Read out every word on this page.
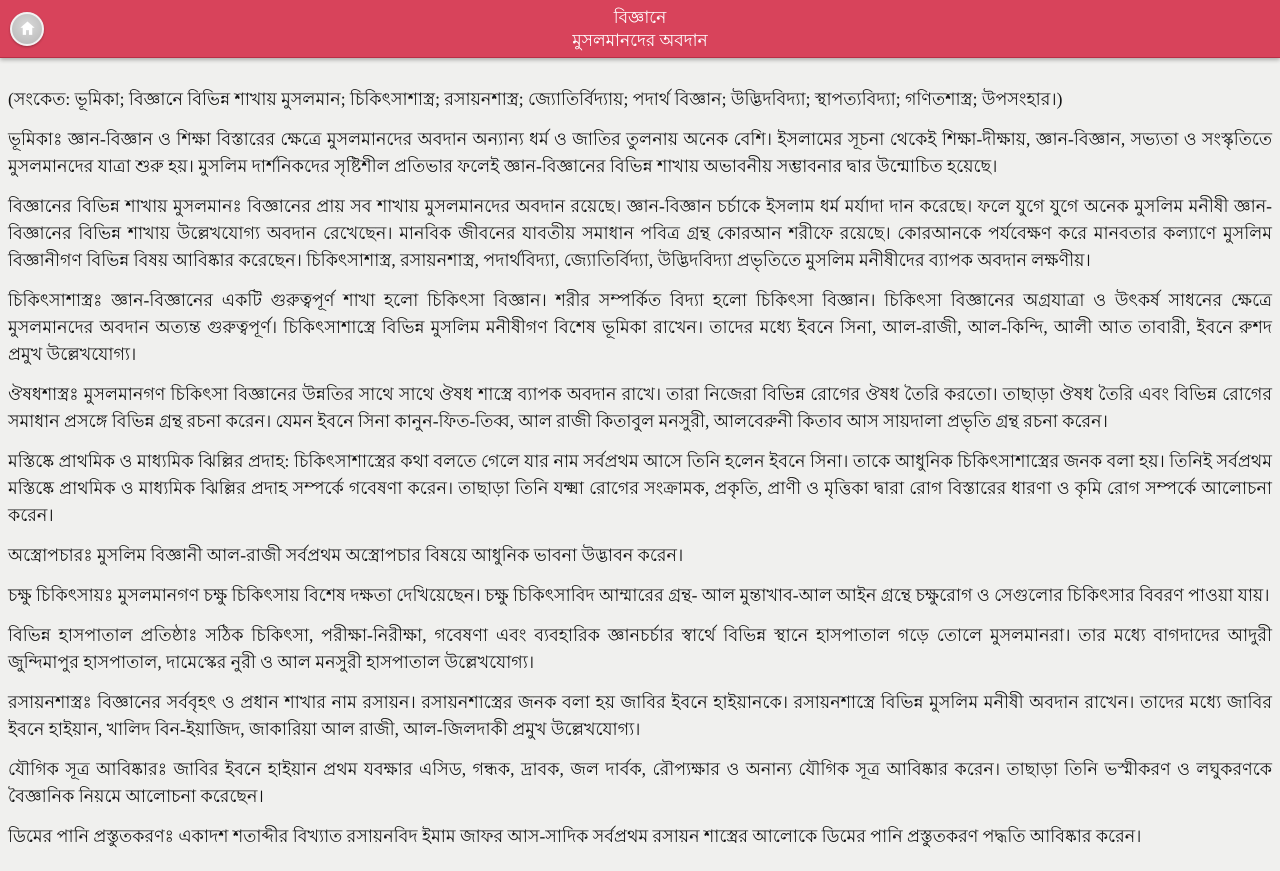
বিজ্ঞানে
মুসলমানদের অবদান

(সংকেত: ভূমিকা; বিজ্ঞানে বিভিন্ন শাখায় মুসলমান; চিকিৎসাশাস্ত্র; রসায়নশাস্ত্র; জ্যোতির্বিদ্যায়; পদার্থ বিজ্ঞান; উদ্ভিদবিদ্যা; স্থাপত্যবিদ্যা; গণিতশাস্ত্র; উপসংহার।)

ভূমিকাঃ জ্ঞান-বিজ্ঞান ও শিক্ষা বিস্তারের ক্ষেত্রে মুসলমানদের অবদান অন্যান্য ধর্ম ও জাতির তুলনায় অনেক বেশি। ইসলামের সূচনা থেকেই শিক্ষা-দীক্ষায়, জ্ঞান-বিজ্ঞান, সভ্যতা ও সংস্কৃতিতে মুসলমানদের যাত্রা শুরু হয়। মুসলিম দার্শনিকদের সৃষ্টিশীল প্রতিভার ফলেই জ্ঞান-বিজ্ঞানের বিভিন্ন শাখায় অভাবনীয় সম্ভাবনার দ্বার উন্মোচিত হয়েছে।

বিজ্ঞানের বিভিন্ন শাখায় মুসলমানঃ বিজ্ঞানের প্রায় সব শাখায় মুসলমানদের অবদান রয়েছে। জ্ঞান-বিজ্ঞান চর্চাকে ইসলাম ধর্ম মর্যাদা দান করেছে। ফলে যুগে যুগে অনেক মুসলিম মনীষী জ্ঞান-বিজ্ঞানের বিভিন্ন শাখায় উল্লেখযোগ্য অবদান রেখেছেন। মানবিক জীবনের যাবতীয় সমাধান পবিত্র গ্রন্থ কোরআন শরীফে রয়েছে। কোরআনকে পর্যবেক্ষণ করে মানবতার কল্যাণে মুসলিম বিজ্ঞানীগণ বিভিন্ন বিষয় আবিষ্কার করেছেন। চিকিৎসাশাস্ত্র, রসায়নশাস্ত্র, পদার্থবিদ্যা, জ্যোতির্বিদ্যা, উদ্ভিদবিদ্যা প্রভৃতিতে মুসলিম মনীষীদের ব্যাপক অবদান লক্ষণীয়।

চিকিৎসাশাস্ত্রঃ জ্ঞান-বিজ্ঞানের একটি গুরুত্বপূর্ণ শাখা হলো চিকিৎসা বিজ্ঞান। শরীর সম্পর্কিত বিদ্যা হলো চিকিৎসা বিজ্ঞান। চিকিৎসা বিজ্ঞানের অগ্রযাত্রা ও উৎকর্ষ সাধনের ক্ষেত্রে মুসলমানদের অবদান অত্যন্ত গুরুত্বপূর্ণ। চিকিৎসাশাস্ত্রে বিভিন্ন মুসলিম মনীষীগণ বিশেষ ভূমিকা রাখেন। তাদের মধ্যে ইবনে সিনা, আল-রাজী, আল-কিন্দি, আলী আত তাবারী, ইবনে রুশদ প্রমুখ উল্লেখযোগ্য।

ঔষধশাস্ত্রঃ মুসলমানগণ চিকিৎসা বিজ্ঞানের উন্নতির সাথে সাথে ঔষধ শাস্ত্রে ব্যাপক অবদান রাখে। তারা নিজেরা বিভিন্ন রোগের ঔষধ তৈরি করতো। তাছাড়া ঔষধ তৈরি এবং বিভিন্ন রোগের সমাধান প্রসঙ্গে বিভিন্ন গ্রন্থ রচনা করেন। যেমন ইবনে সিনা কানুন-ফিত-তিব্ব, আল রাজী কিতাবুল মনসুরী, আলবেরুনী কিতাব আস সায়দালা প্রভৃতি গ্রন্থ রচনা করেন।

মস্তিষ্কে প্রাথমিক ও মাধ্যমিক ঝিল্লির প্রদাহ: চিকিৎসাশাস্ত্রের কথা বলতে গেলে যার নাম সর্বপ্রথম আসে তিনি হলেন ইবনে সিনা। তাকে আধুনিক চিকিৎসাশাস্ত্রের জনক বলা হয়। তিনিই সর্বপ্রথম মস্তিষ্কে প্রাথমিক ও মাধ্যমিক ঝিল্লির প্রদাহ সম্পর্কে গবেষণা করেন। তাছাড়া তিনি যক্ষ্মা রোগের সংক্রামক, প্রকৃতি, প্রাণী ও মৃত্তিকা দ্বারা রোগ বিস্তারের ধারণা ও কৃমি রোগ সম্পর্কে আলোচনা করেন।

অস্ত্রোপচারঃ মুসলিম বিজ্ঞানী আল-রাজী সর্বপ্রথম অস্ত্রোপচার বিষয়ে আধুনিক ভাবনা উদ্ভাবন করেন।

চক্ষু চিকিৎসায়ঃ মুসলমানগণ চক্ষু চিকিৎসায় বিশেষ দক্ষতা দেখিয়েছেন। চক্ষু চিকিৎসাবিদ আম্মারের গ্রন্থ- আল মুন্তাখাব-আল আইন গ্রন্থে চক্ষুরোগ ও সেগুলোর চিকিৎসার বিবরণ পাওয়া যায়।

বিভিন্ন হাসপাতাল প্রতিষ্ঠাঃ সঠিক চিকিৎসা, পরীক্ষা-নিরীক্ষা, গবেষণা এবং ব্যবহারিক জ্ঞানচর্চার স্বার্থে বিভিন্ন স্থানে হাসপাতাল গড়ে তোলে মুসলমানরা। তার মধ্যে বাগদাদের আদুরী জুন্দিমাপুর হাসপাতাল, দামেস্কের নুরী ও আল মনসুরী হাসপাতাল উল্লেখযোগ্য।

রসায়নশাস্ত্রঃ বিজ্ঞানের সর্ববৃহৎ ও প্রধান শাখার নাম রসায়ন। রসায়নশাস্ত্রের জনক বলা হয় জাবির ইবনে হাইয়ানকে। রসায়নশাস্ত্রে বিভিন্ন মুসলিম মনীষী অবদান রাখেন। তাদের মধ্যে জাবির ইবনে হাইয়ান, খালিদ বিন-ইয়াজিদ, জাকারিয়া আল রাজী, আল-জিলদাকী প্রমুখ উল্লেখযোগ্য।

যৌগিক সূত্র আবিষ্কারঃ জাবির ইবনে হাইয়ান প্রথম যবক্ষার এসিড, গন্ধক, দ্রাবক, জল দার্বক, রৌপ্যক্ষার ও অনান্য যৌগিক সূত্র আবিষ্কার করেন। তাছাড়া তিনি ভস্মীকরণ ও লঘুকরণকে বৈজ্ঞানিক নিয়মে আলোচনা করেছেন।

ডিমের পানি প্রস্তুতকরণঃ একাদশ শতাব্দীর বিখ্যাত রসায়নবিদ ইমাম জাফর আস-সাদিক সর্বপ্রথম রসায়ন শাস্ত্রের আলোকে ডিমের পানি প্রস্তুতকরণ পদ্ধতি আবিষ্কার করেন।
